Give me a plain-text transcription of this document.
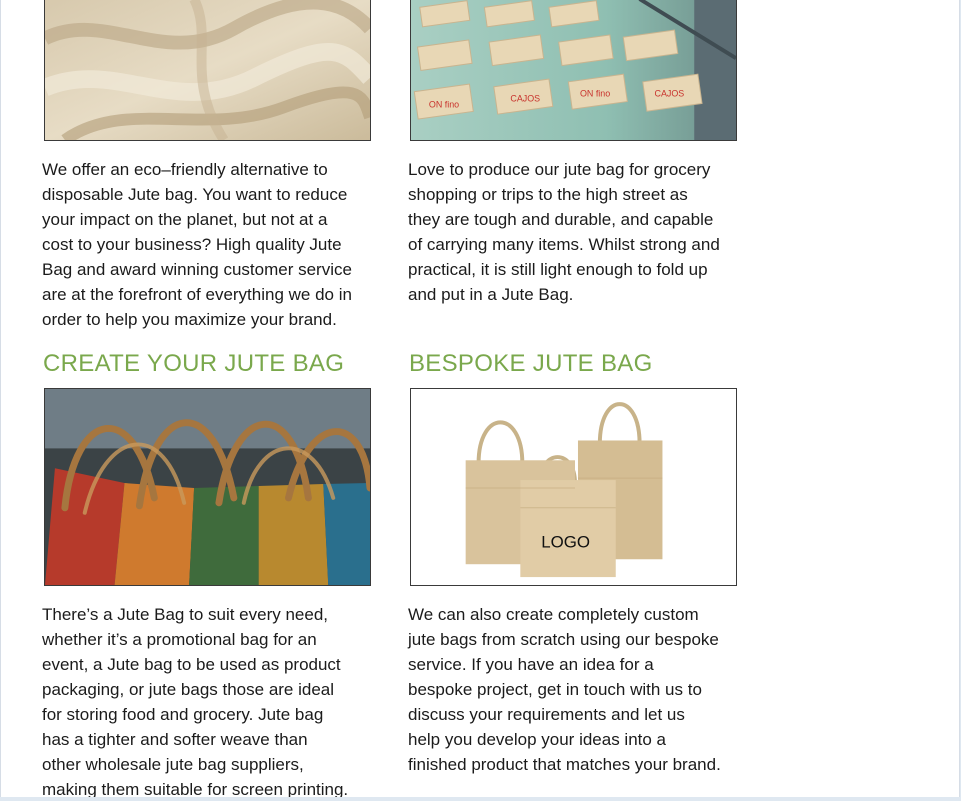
ON fino
CAJOS	ON fino	CAJOS

We offer an eco–friendly alternative to
disposable Jute bag. You want to reduce
your impact on the planet, but not at a
cost to your business? High quality Jute
Bag and award winning customer service
are at the forefront of everything we do in
order to help you maximize your brand.

Love to produce our jute bag for grocery
shopping or trips to the high street as
they are tough and durable, and capable
of carrying many items. Whilst strong and
practical, it is still light enough to fold up
and put in a Jute Bag.

CREATE YOUR JUTE BAG	BESPOKE JUTE BAG
LOGO

There’s a Jute Bag to suit every need,
whether it’s a promotional bag for an
event, a Jute bag to be used as product
packaging, or jute bags those are ideal
for storing food and grocery. Jute bag
has a tighter and softer weave than
other wholesale jute bag suppliers,
making them suitable for screen printing.

We can also create completely custom
jute bags from scratch using our bespoke
service. If you have an idea for a
bespoke project, get in touch with us to
discuss your requirements and let us
help you develop your ideas into a
finished product that matches your brand.
